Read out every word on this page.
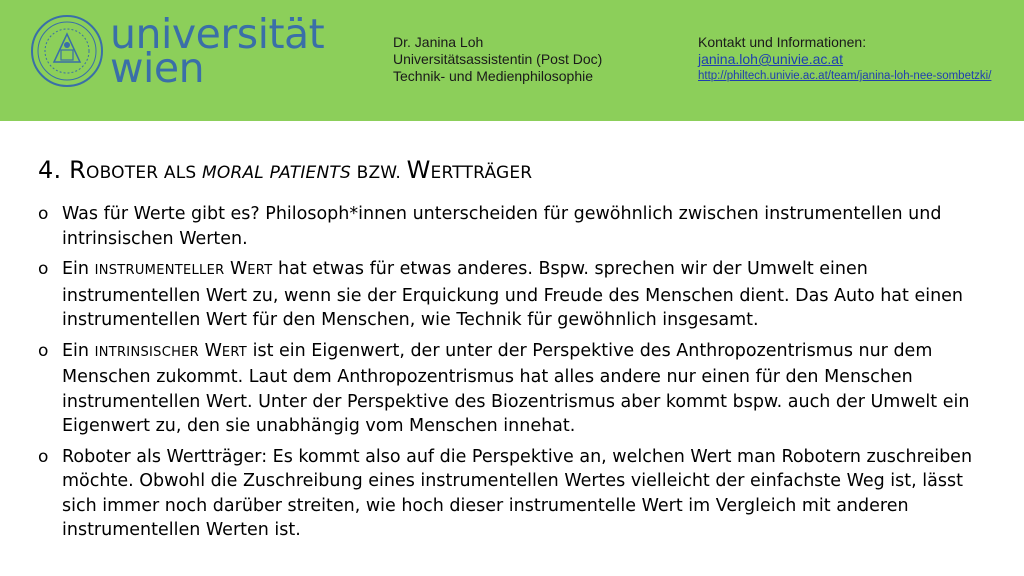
universität
wien
Dr. Janina Loh
Universitätsassistentin (Post Doc)
Technik- und Medienphilosophie
Kontakt und Informationen:
janina.loh@univie.ac.at
http://philtech.univie.ac.at/team/janina-loh-nee-sombetzki/
4. ROBOTER ALS MORAL PATIENTS BZW. WERTTRÄGER
o Was für Werte gibt es? Philosoph*innen unterscheiden für gewöhnlich zwischen instrumentellen und intrinsischen Werten.
o Ein INSTRUMENTELLER WERT hat etwas für etwas anderes. Bspw. sprechen wir der Umwelt einen instrumentellen Wert zu, wenn sie der Erquickung und Freude des Menschen dient. Das Auto hat einen instrumentellen Wert für den Menschen, wie Technik für gewöhnlich insgesamt.
o Ein INTRINSISCHER WERT ist ein Eigenwert, der unter der Perspektive des Anthropozentrismus nur dem Menschen zukommt. Laut dem Anthropozentrismus hat alles andere nur einen für den Menschen instrumentellen Wert. Unter der Perspektive des Biozentrismus aber kommt bspw. auch der Umwelt ein Eigenwert zu, den sie unabhängig vom Menschen innehat.
o Roboter als Wertträger: Es kommt also auf die Perspektive an, welchen Wert man Robotern zuschreiben möchte. Obwohl die Zuschreibung eines instrumentellen Wertes vielleicht der einfachste Weg ist, lässt sich immer noch darüber streiten, wie hoch dieser instrumentelle Wert im Vergleich mit anderen instrumentellen Werten ist.
